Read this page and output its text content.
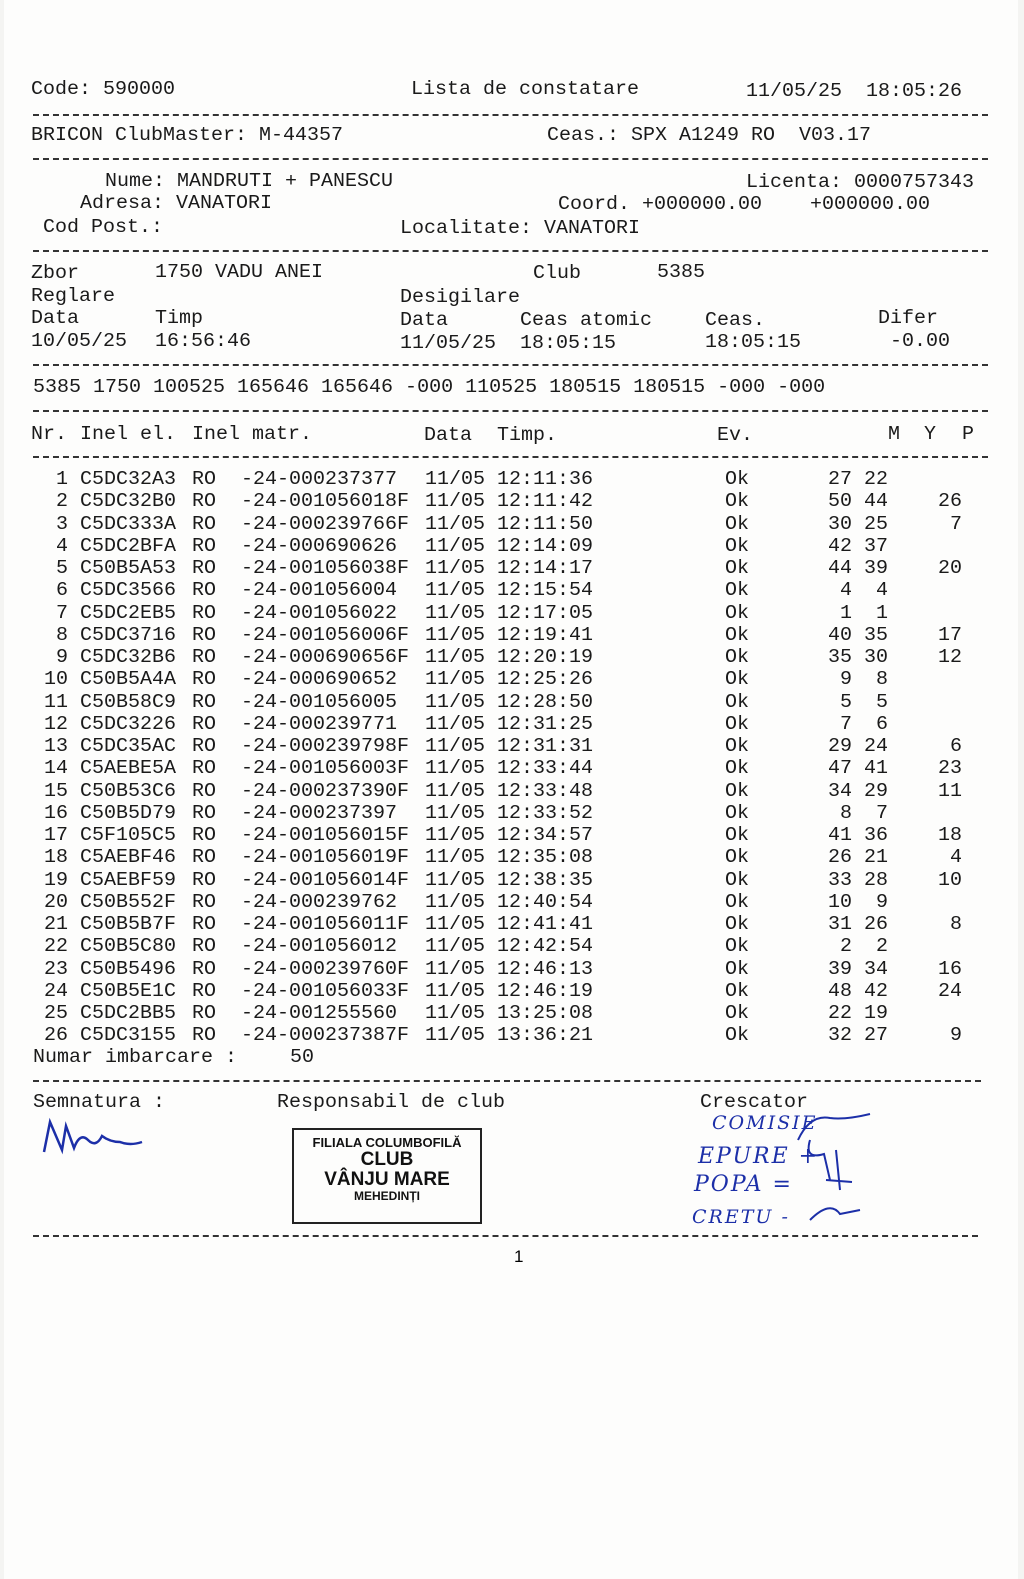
Code: 590000	Lista de constatare	11/05/25  18:05:26
BRICON ClubMaster: M-44357	Ceas.: SPX A1249 RO  V03.17
Nume: MANDRUTI + PANESCU	Licenta: 0000757343
Adresa: VANATORI	Coord. +000000.00    +000000.00
Cod Post.:	Localitate: VANATORI
Zbor	1750 VADU ANEI	Club	5385
Reglare	Desigilare
Data	Timp	Data	Ceas atomic	Ceas.	Difer
10/05/25 16:56:46	11/05/25 18:05:15	18:05:15	-0.00
5385 1750 100525 165646 165646 -000 110525 180515 180515 -000 -000
Nr. Inel el. Inel matr.	Data Timp.	Ev.	M Y P
1 C5DC32A3 RO -24-000237377 11/05 12:11:36	Ok	27 22
2 C5DC32B0 RO -24-001056018F 11/05 12:11:42	Ok	50 44 26
3 C5DC333A RO -24-000239766F 11/05 12:11:50	Ok	30 25	7
4 C5DC2BFA RO -24-000690626 11/05 12:14:09	Ok	42 37
5 C50B5A53 RO -24-001056038F 11/05 12:14:17	Ok	44 39 20
6 C5DC3566 RO -24-001056004 11/05 12:15:54	Ok	4 4
7 C5DC2EB5 RO -24-001056022 11/05 12:17:05	Ok	1 1
8 C5DC3716 RO -24-001056006F 11/05 12:19:41	Ok	40 35 17
9 C5DC32B6 RO -24-000690656F 11/05 12:20:19	Ok	35 30 12
10 C50B5A4A RO -24-000690652 11/05 12:25:26	Ok	9 8
11 C50B58C9 RO -24-001056005 11/05 12:28:50	Ok	5 5
12 C5DC3226 RO -24-000239771 11/05 12:31:25	Ok	7 6
13 C5DC35AC RO -24-000239798F 11/05 12:31:31	Ok	29 24	6
14 C5AEBE5A RO -24-001056003F 11/05 12:33:44	Ok	47 41 23
15 C50B53C6 RO -24-000237390F 11/05 12:33:48	Ok	34 29 11
16 C50B5D79 RO -24-000237397 11/05 12:33:52	Ok	8 7
17 C5F105C5 RO -24-001056015F 11/05 12:34:57	Ok	41 36 18
18 C5AEBF46 RO -24-001056019F 11/05 12:35:08	Ok	26 21	4
19 C5AEBF59 RO -24-001056014F 11/05 12:38:35	Ok	33 28 10
20 C50B552F RO -24-000239762 11/05 12:40:54	Ok	10 9
21 C50B5B7F RO -24-001056011F 11/05 12:41:41	Ok	31 26	8
22 C50B5C80 RO -24-001056012 11/05 12:42:54	Ok	2 2
23 C50B5496 RO -24-000239760F 11/05 12:46:13	Ok	39 34 16
24 C50B5E1C RO -24-001056033F 11/05 12:46:19	Ok	48 42 24
25 C5DC2BB5 RO -24-001255560 11/05 13:25:08	Ok	22 19
26 C5DC3155 RO -24-000237387F 11/05 13:36:21	Ok	32 27	9
Numar imbarcare :	50
Semnatura :	Responsabil de club	Crescator
FILIALA COLUMBOFILĂ
CLUB
VÂNJU MARE
MEHEDINȚI
COMISIE
EPURE +
POPA =
CRETU -
1
